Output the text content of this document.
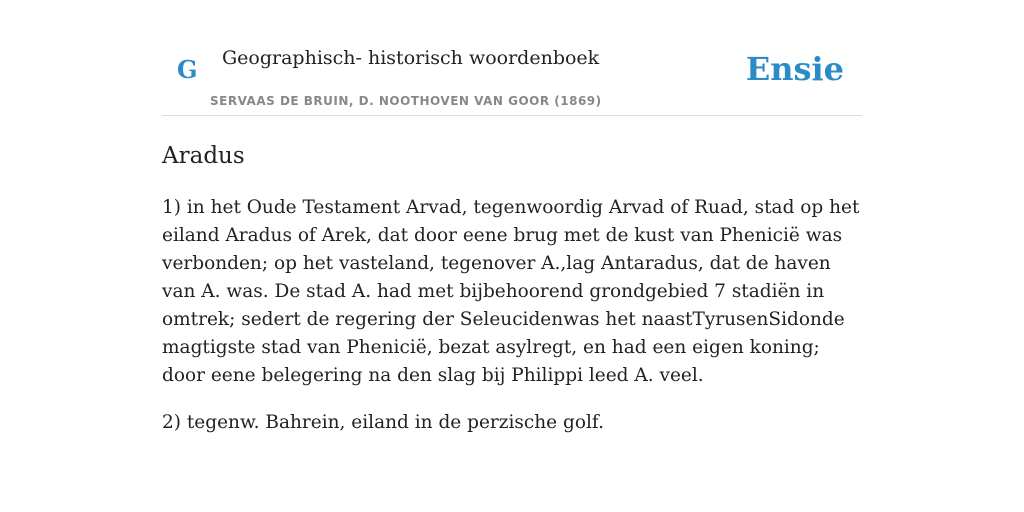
G Geographisch- historisch woordenboek
SERVAAS DE BRUIN, D. NOOTHOVEN VAN GOOR (1869)
Ensie
Aradus

1) in het Oude Testament Arvad, tegenwoordig Arvad of Ruad, stad op het eiland Aradus of Arek, dat door eene brug met de kust van Phenicië was verbonden; op het vasteland, tegenover A.,lag Antaradus, dat de haven van A. was. De stad A. had met bijbehoorend grondgebied 7 stadiën in omtrek; sedert de regering der Seleucidenwas het naastTyrusenSidonde magtigste stad van Phenicië, bezat asylregt, en had een eigen koning; door eene belegering na den slag bij Philippi leed A. veel.

2) tegenw. Bahrein, eiland in de perzische golf.
